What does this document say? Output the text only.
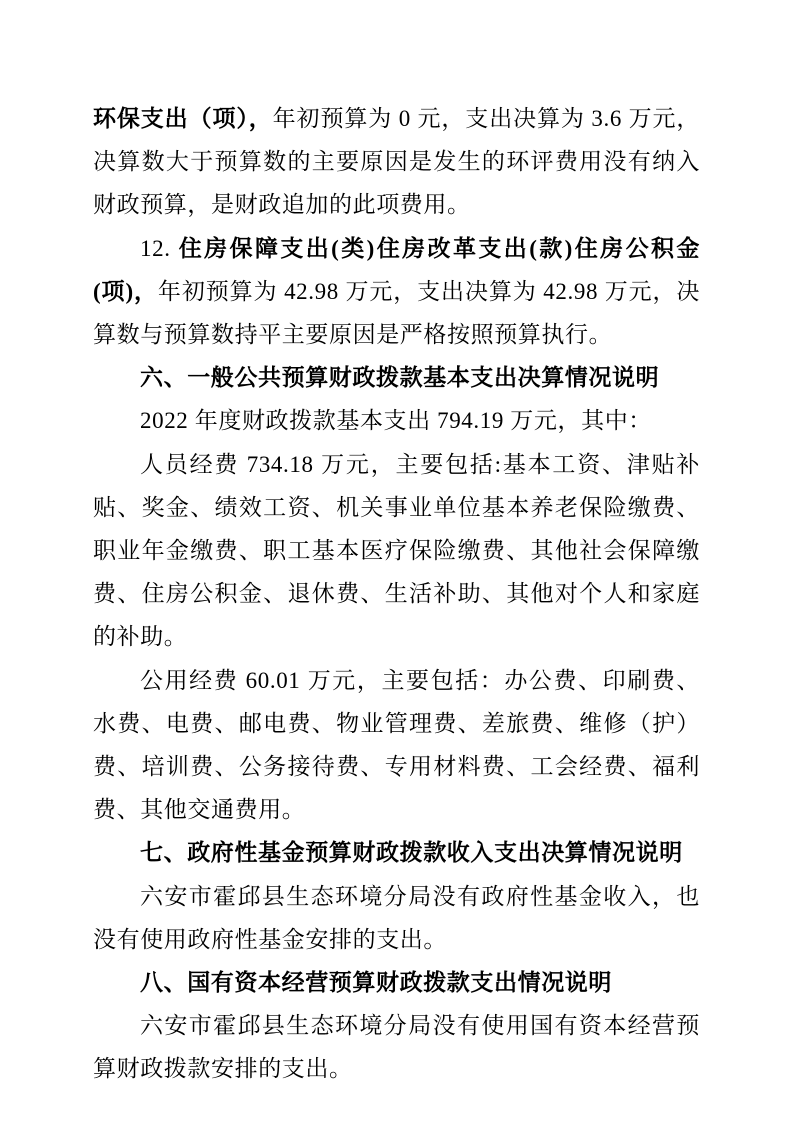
环保支出（项），年初预算为 0 元，支出决算为 3.6 万元，决算数大于预算数的主要原因是发生的环评费用没有纳入财政预算，是财政追加的此项费用。

12. 住房保障支出(类)住房改革支出(款)住房公积金(项)，年初预算为 42.98 万元，支出决算为 42.98 万元，决算数与预算数持平主要原因是严格按照预算执行。

六、一般公共预算财政拨款基本支出决算情况说明

2022 年度财政拨款基本支出 794.19 万元，其中：

人员经费 734.18 万元，主要包括:基本工资、津贴补贴、奖金、绩效工资、机关事业单位基本养老保险缴费、职业年金缴费、职工基本医疗保险缴费、其他社会保障缴费、住房公积金、退休费、生活补助、其他对个人和家庭的补助。

公用经费 60.01 万元，主要包括：办公费、印刷费、水费、电费、邮电费、物业管理费、差旅费、维修（护）费、培训费、公务接待费、专用材料费、工会经费、福利费、其他交通费用。

七、政府性基金预算财政拨款收入支出决算情况说明

六安市霍邱县生态环境分局没有政府性基金收入，也没有使用政府性基金安排的支出。

八、国有资本经营预算财政拨款支出情况说明

六安市霍邱县生态环境分局没有使用国有资本经营预算财政拨款安排的支出。
